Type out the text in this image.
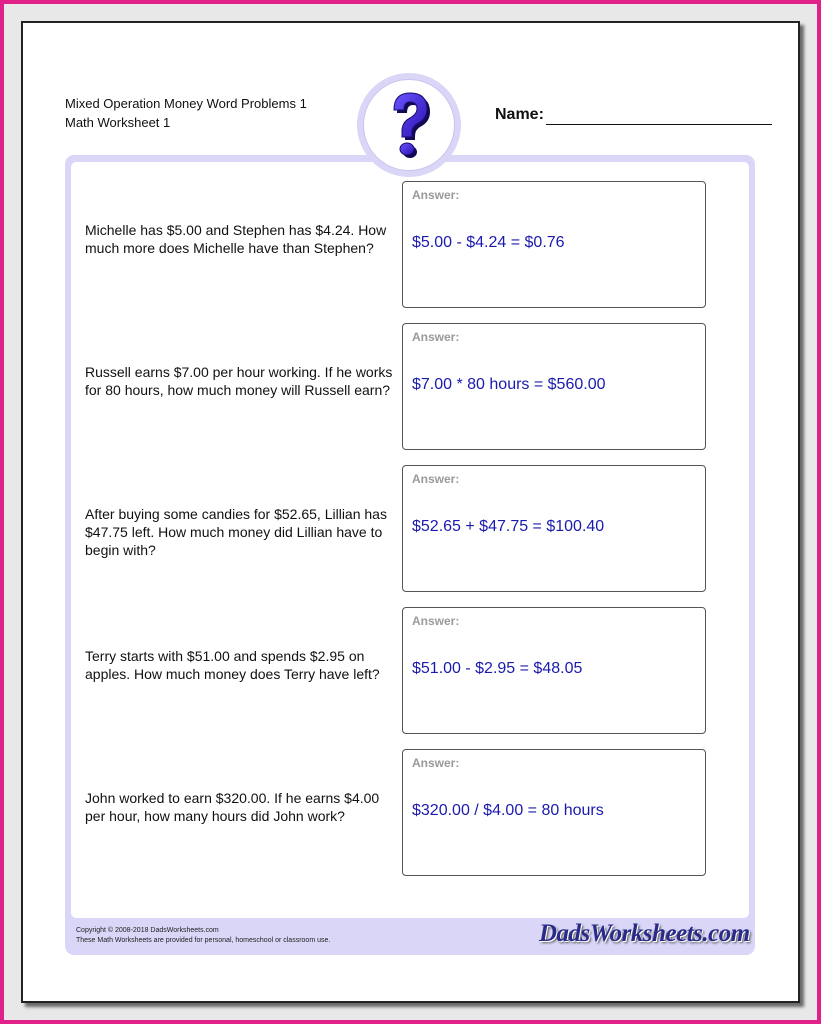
Mixed Operation Money Word Problems 1
Math Worksheet 1	Name:
Michelle has $5.00 and Stephen has $4.24. How much more does Michelle have than Stephen?
Answer:
$5.00 - $4.24 = $0.76
Russell earns $7.00 per hour working. If he works for 80 hours, how much money will Russell earn?
Answer:
$7.00 * 80 hours = $560.00
After buying some candies for $52.65, Lillian has $47.75 left. How much money did Lillian have to begin with?
Answer:
$52.65 + $47.75 = $100.40
Terry starts with $51.00 and spends $2.95 on apples. How much money does Terry have left?
Answer:
$51.00 - $2.95 = $48.05
John worked to earn $320.00. If he earns $4.00 per hour, how many hours did John work?
Answer:
$320.00 / $4.00 = 80 hours
Copyright © 2008-2018 DadsWorksheets.com
These Math Worksheets are provided for personal, homeschool or classroom use.	DadsWorksheets.com
